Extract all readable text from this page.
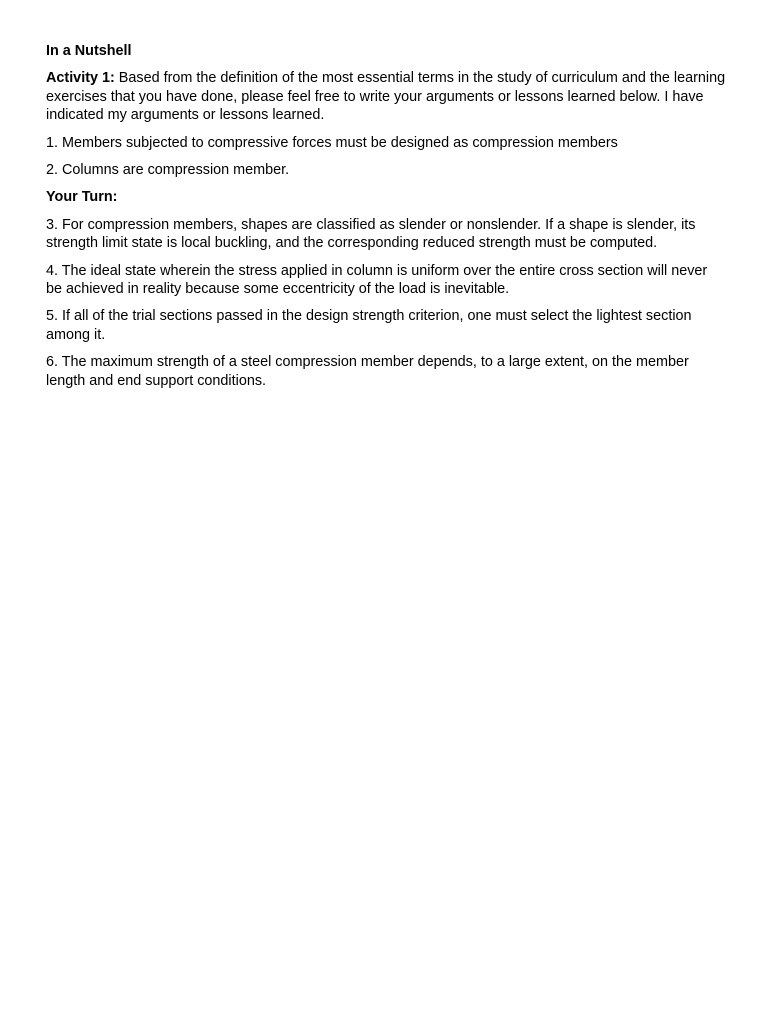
In a Nutshell

Activity 1: Based from the definition of the most essential terms in the study of curriculum and the learning exercises that you have done, please feel free to write your arguments or lessons learned below. I have indicated my arguments or lessons learned.

1. Members subjected to compressive forces must be designed as compression members

2. Columns are compression member.

Your Turn:

3. For compression members, shapes are classified as slender or nonslender. If a shape is slender, its strength limit state is local buckling, and the corresponding reduced strength must be computed.

4. The ideal state wherein the stress applied in column is uniform over the entire cross section will never be achieved in reality because some eccentricity of the load is inevitable.

5. If all of the trial sections passed in the design strength criterion, one must select the lightest section among it.

6. The maximum strength of a steel compression member depends, to a large extent, on the member length and end support conditions.
